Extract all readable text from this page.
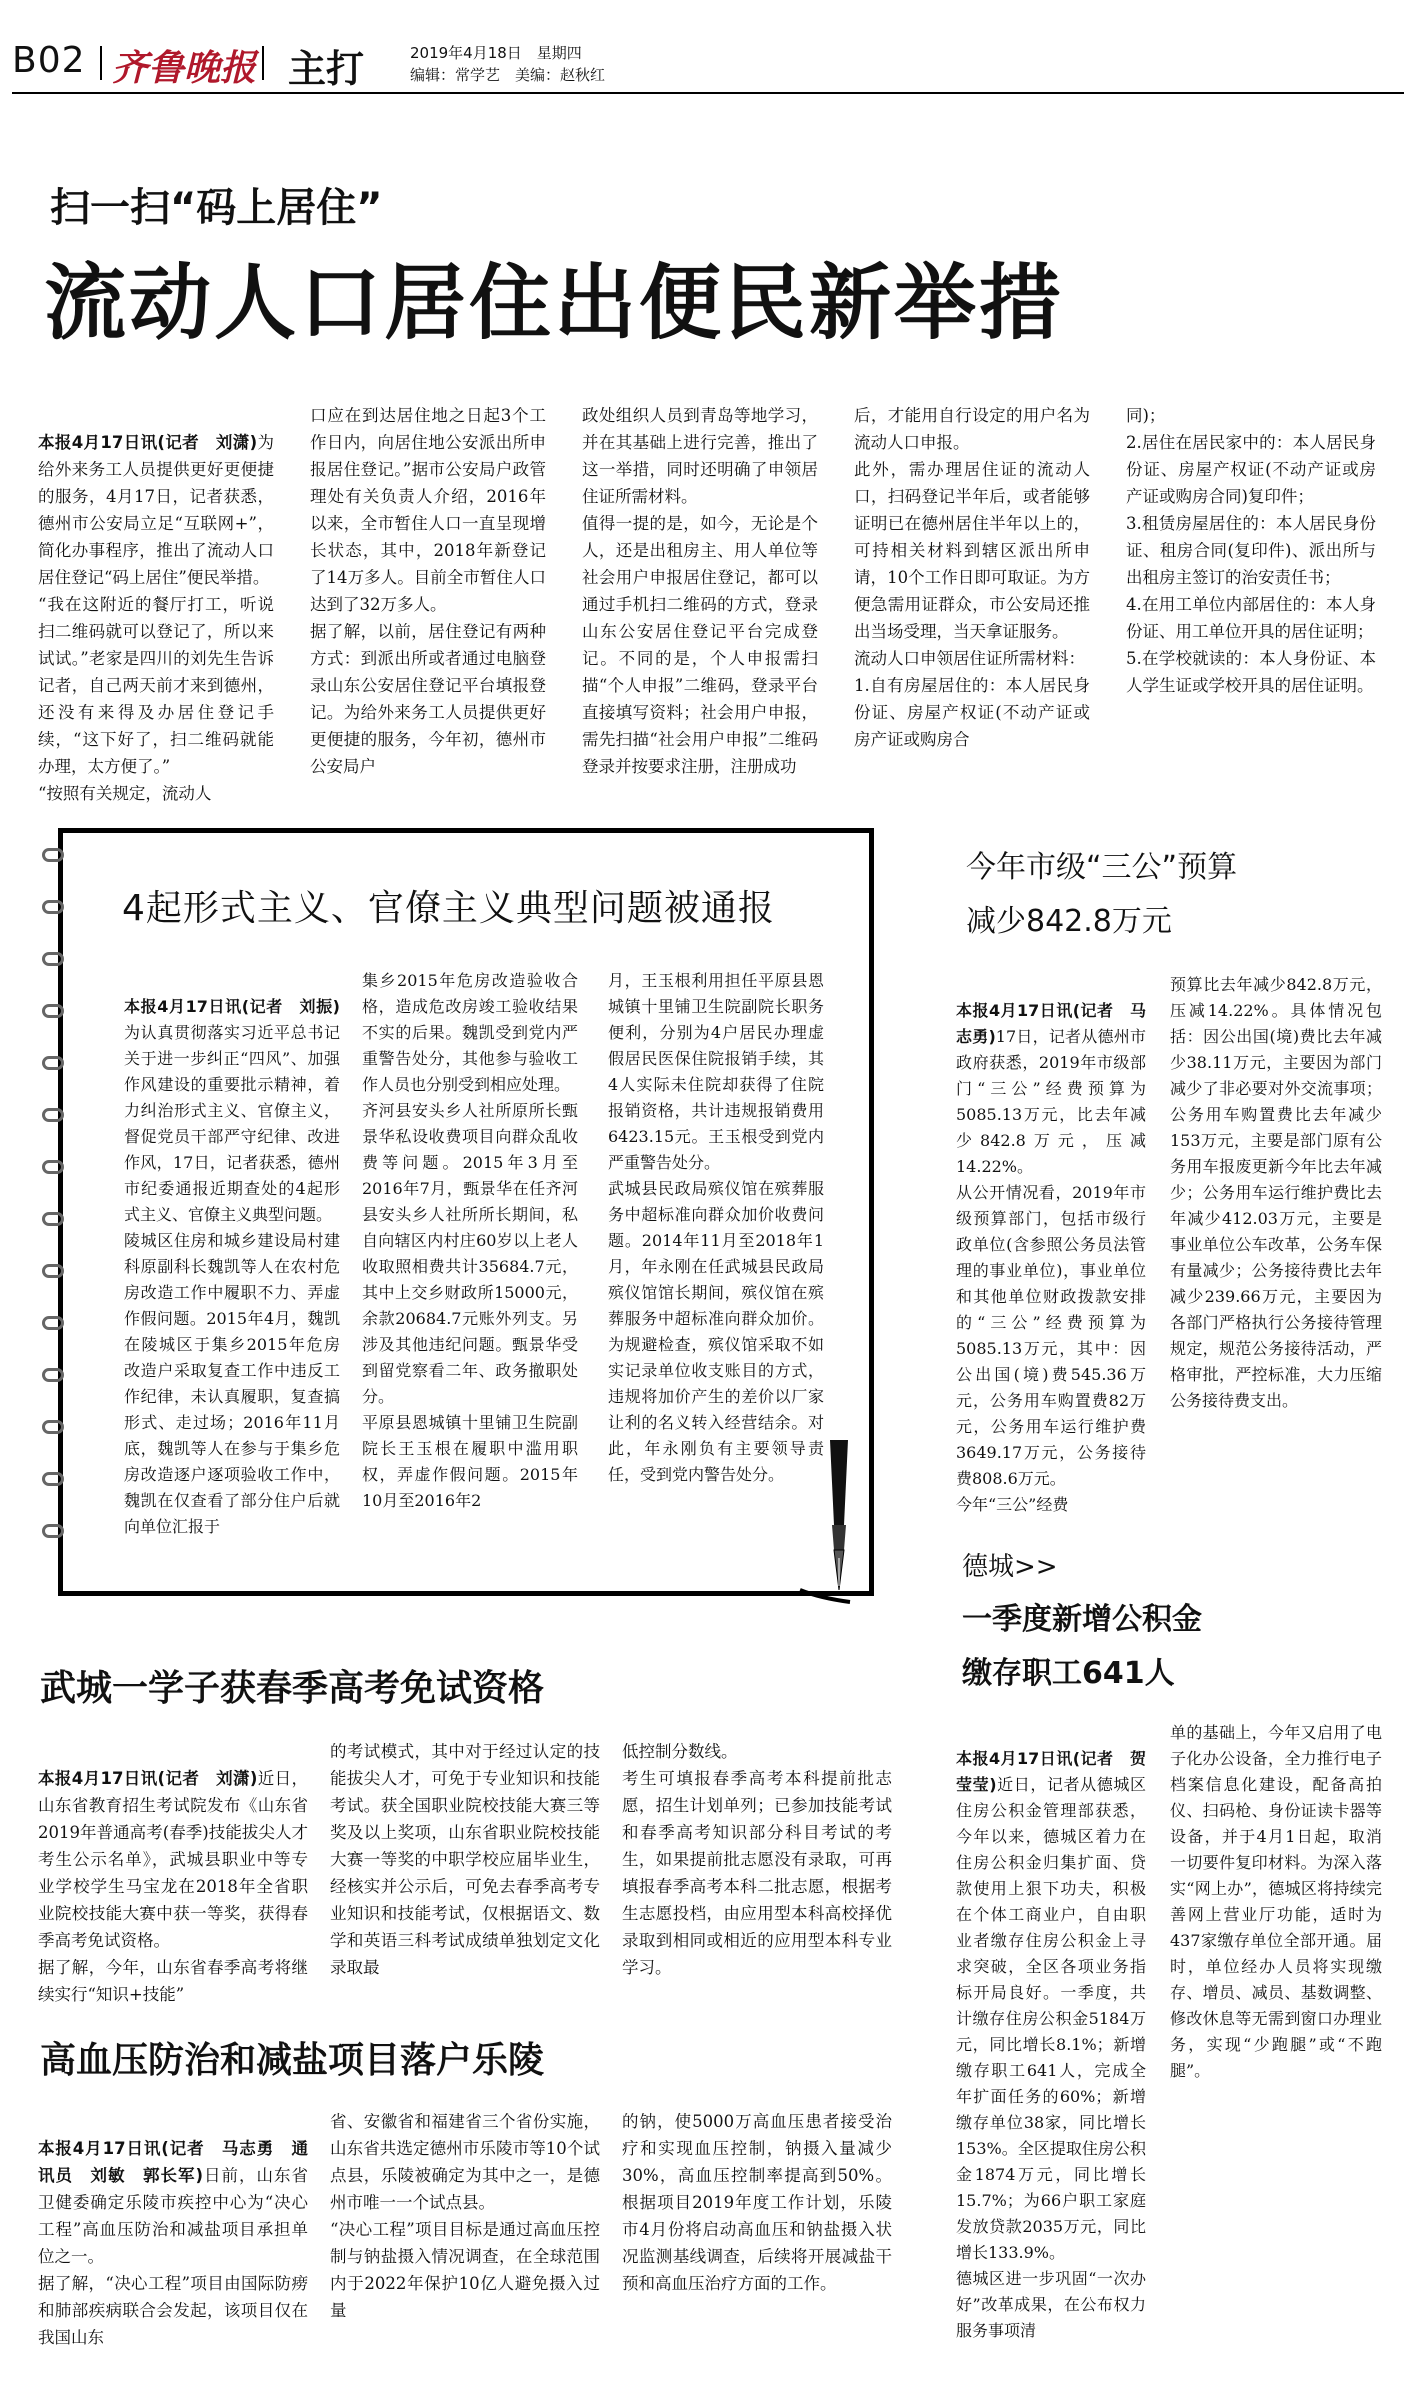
B02 齐鲁晚报 主打	2019年4月18日　星期四
编辑：常学艺　美编：赵秋红
扫一扫“码上居住”
流动人口居住出便民新举措

本报4月17日讯(记者　刘潇)为给外来务工人员提供更好更便捷的服务，4月17日，记者获悉，德州市公安局立足“互联网+”，简化办事程序，推出了流动人口居住登记“码上居住”便民举措。
“我在这附近的餐厅打工，听说扫二维码就可以登记了，所以来试试。”老家是四川的刘先生告诉记者，自己两天前才来到德州，还没有来得及办居住登记手续，“这下好了，扫二维码就能办理，太方便了。”
“按照有关规定，流动人

口应在到达居住地之日起3个工作日内，向居住地公安派出所申报居住登记。”据市公安局户政管理处有关负责人介绍，2016年以来，全市暂住人口一直呈现增长状态，其中，2018年新登记了14万多人。目前全市暂住人口达到了32万多人。
据了解，以前，居住登记有两种方式：到派出所或者通过电脑登录山东公安居住登记平台填报登记。为给外来务工人员提供更好更便捷的服务，今年初，德州市公安局户
政处组织人员到青岛等地学习，并在其基础上进行完善，推出了这一举措，同时还明确了申领居住证所需材料。
值得一提的是，如今，无论是个人，还是出租房主、用人单位等社会用户申报居住登记，都可以通过手机扫二维码的方式，登录山东公安居住登记平台完成登记。不同的是，个人申报需扫描“个人申报”二维码，登录平台直接填写资料；社会用户申报，需先扫描“社会用户申报”二维码登录并按要求注册，注册成功
后，才能用自行设定的用户名为流动人口申报。
此外，需办理居住证的流动人口，扫码登记半年后，或者能够证明已在德州居住半年以上的，可持相关材料到辖区派出所申请，10个工作日即可取证。为方便急需用证群众，市公安局还推出当场受理，当天拿证服务。
流动人口申领居住证所需材料：
1.自有房屋居住的：本人居民身份证、房屋产权证(不动产证或房产证或购房合
同)；
2.居住在居民家中的：本人居民身份证、房屋产权证(不动产证或房产证或购房合同)复印件；
3.租赁房屋居住的：本人居民身份证、租房合同(复印件)、派出所与出租房主签订的治安责任书；
4.在用工单位内部居住的：本人身份证、用工单位开具的居住证明；
5.在学校就读的：本人身份证、本人学生证或学校开具的居住证明。
4起形式主义、官僚主义典型问题被通报

本报4月17日讯(记者　刘振)为认真贯彻落实习近平总书记关于进一步纠正“四风”、加强作风建设的重要批示精神，着力纠治形式主义、官僚主义，督促党员干部严守纪律、改进作风，17日，记者获悉，德州市纪委通报近期查处的4起形式主义、官僚主义典型问题。
陵城区住房和城乡建设局村建科原副科长魏凯等人在农村危房改造工作中履职不力、弄虚作假问题。2015年4月，魏凯在陵城区于集乡2015年危房改造户采取复查工作中违反工作纪律，未认真履职，复查搞形式、走过场；2016年11月底，魏凯等人在参与于集乡危房改造逐户逐项验收工作中，魏凯在仅查看了部分住户后就向单位汇报于

集乡2015年危房改造验收合格，造成危改房竣工验收结果不实的后果。魏凯受到党内严重警告处分，其他参与验收工作人员也分别受到相应处理。
齐河县安头乡人社所原所长甄景华私设收费项目向群众乱收费等问题。2015年3月至2016年7月，甄景华在任齐河县安头乡人社所所长期间，私自向辖区内村庄60岁以上老人收取照相费共计35684.7元，其中上交乡财政所15000元，余款20684.7元账外列支。另涉及其他违纪问题。甄景华受到留党察看二年、政务撤职处分。
平原县恩城镇十里铺卫生院副院长王玉根在履职中滥用职权，弄虚作假问题。2015年10月至2016年2
月，王玉根利用担任平原县恩城镇十里铺卫生院副院长职务便利，分别为4户居民办理虚假居民医保住院报销手续，其4人实际未住院却获得了住院报销资格，共计违规报销费用6423.15元。王玉根受到党内严重警告处分。
武城县民政局殡仪馆在殡葬服务中超标准向群众加价收费问题。2014年11月至2018年1月，年永刚在任武城县民政局殡仪馆馆长期间，殡仪馆在殡葬服务中超标准向群众加价。为规避检查，殡仪馆采取不如实记录单位收支账目的方式，违规将加价产生的差价以厂家让利的名义转入经营结余。对此，年永刚负有主要领导责任，受到党内警告处分。
今年市级“三公”预算
减少842.8万元

本报4月17日讯(记者　马志勇)17日，记者从德州市政府获悉，2019年市级部门“三公”经费预算为5085.13万元，比去年减少842.8万元，压减14.22%。
从公开情况看，2019年市级预算部门，包括市级行政单位(含参照公务员法管理的事业单位)，事业单位和其他单位财政拨款安排的“三公”经费预算为5085.13万元，其中：因公出国(境)费545.36万元，公务用车购置费82万元，公务用车运行维护费3649.17万元，公务接待费808.6万元。
今年“三公”经费

预算比去年减少842.8万元，压减14.22%。具体情况包括：因公出国(境)费比去年减少38.11万元，主要因为部门减少了非必要对外交流事项；公务用车购置费比去年减少153万元，主要是部门原有公务用车报废更新今年比去年减少；公务用车运行维护费比去年减少412.03万元，主要是事业单位公车改革，公务车保有量减少；公务接待费比去年减少239.66万元，主要因为各部门严格执行公务接待管理规定，规范公务接待活动，严格审批，严控标准，大力压缩公务接待费支出。
德城>>
一季度新增公积金
缴存职工641人

本报4月17日讯(记者　贺莹莹)近日，记者从德城区住房公积金管理部获悉，今年以来，德城区着力在住房公积金归集扩面、贷款使用上狠下功夫，积极在个体工商业户，自由职业者缴存住房公积金上寻求突破，全区各项业务指标开局良好。一季度，共计缴存住房公积金5184万元，同比增长8.1%；新增缴存职工641人，完成全年扩面任务的60%；新增缴存单位38家，同比增长153%。全区提取住房公积金1874万元，同比增长15.7%；为66户职工家庭发放贷款2035万元，同比增长133.9%。
德城区进一步巩固“一次办好”改革成果，在公布权力服务事项清

单的基础上，今年又启用了电子化办公设备，全力推行电子档案信息化建设，配备高拍仪、扫码枪、身份证读卡器等设备，并于4月1日起，取消一切要件复印材料。为深入落实“网上办”，德城区将持续完善网上营业厅功能，适时为437家缴存单位全部开通。届时，单位经办人员将实现缴存、增员、减员、基数调整、修改休息等无需到窗口办理业务，实现“少跑腿”或“不跑腿”。
武城一学子获春季高考免试资格

本报4月17日讯(记者　刘潇)近日，山东省教育招生考试院发布《山东省2019年普通高考(春季)技能拔尖人才考生公示名单》，武城县职业中等专业学校学生马宝龙在2018年全省职业院校技能大赛中获一等奖，获得春季高考免试资格。
据了解，今年，山东省春季高考将继续实行“知识+技能”

的考试模式，其中对于经过认定的技能拔尖人才，可免于专业知识和技能考试。获全国职业院校技能大赛三等奖及以上奖项，山东省职业院校技能大赛一等奖的中职学校应届毕业生，经核实并公示后，可免去春季高考专业知识和技能考试，仅根据语文、数学和英语三科考试成绩单独划定文化录取最
低控制分数线。
考生可填报春季高考本科提前批志愿，招生计划单列；已参加技能考试和春季高考知识部分科目考试的考生，如果提前批志愿没有录取，可再填报春季高考本科二批志愿，根据考生志愿投档，由应用型本科高校择优录取到相同或相近的应用型本科专业学习。
高血压防治和减盐项目落户乐陵

本报4月17日讯(记者　马志勇　通讯员　刘敏　郭长军)日前，山东省卫健委确定乐陵市疾控中心为“决心工程”高血压防治和减盐项目承担单位之一。
据了解，“决心工程”项目由国际防痨和肺部疾病联合会发起，该项目仅在我国山东

省、安徽省和福建省三个省份实施，山东省共选定德州市乐陵市等10个试点县，乐陵被确定为其中之一，是德州市唯一一个试点县。
“决心工程”项目目标是通过高血压控制与钠盐摄入情况调查，在全球范围内于2022年保护10亿人避免摄入过量
的钠，使5000万高血压患者接受治疗和实现血压控制，钠摄入量减少30%，高血压控制率提高到50%。根据项目2019年度工作计划，乐陵市4月份将启动高血压和钠盐摄入状况监测基线调查，后续将开展减盐干预和高血压治疗方面的工作。
